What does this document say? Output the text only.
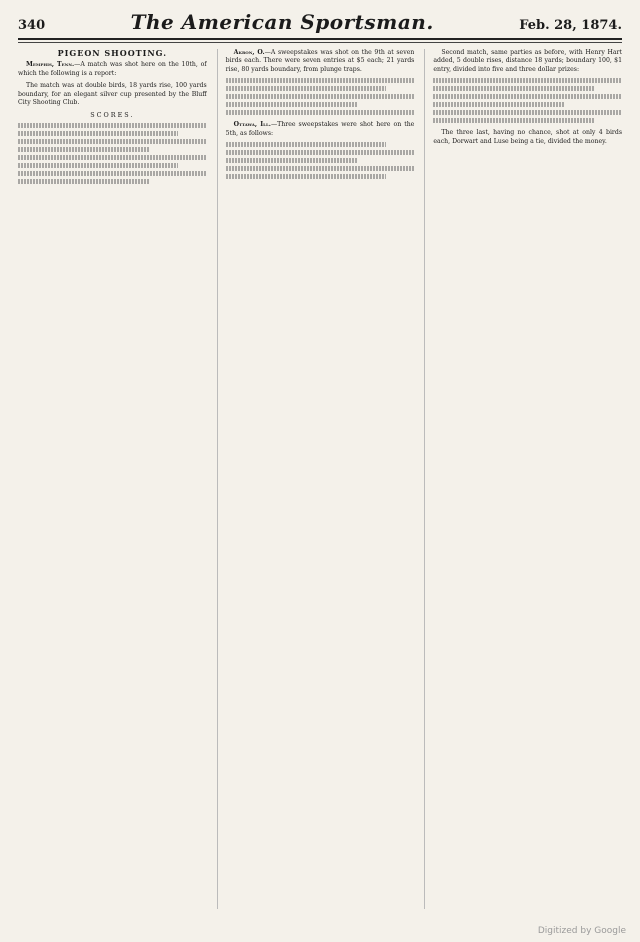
340	The American Sportsman.	Feb. 28, 1874.
PIGEON SHOOTING.

Memphis, Tenn.—A match was shot here on the 10th, of which the following is a report:

The match was at double birds, 18 yards rise, 100 yards boundary, for an elegant silver cup presented by the Bluff City Shooting Club.

SCORES.

Akron, O.—A sweepstakes was shot on the 9th at seven birds each. There were seven entries at $5 each; 21 yards rise, 80 yards boundary, from plunge traps.

Ottawa, Ill.—Three sweepstakes were shot here on the 5th, as follows:

Second match, same parties as before, with Henry Hart added, 5 double rises, distance 18 yards; boundary 100, $1 entry, divided into five and three dollar prizes:

The three last, having no chance, shot at only 4 birds each, Dorwart and Luse being a tie, divided the money.

Digitized by Google
